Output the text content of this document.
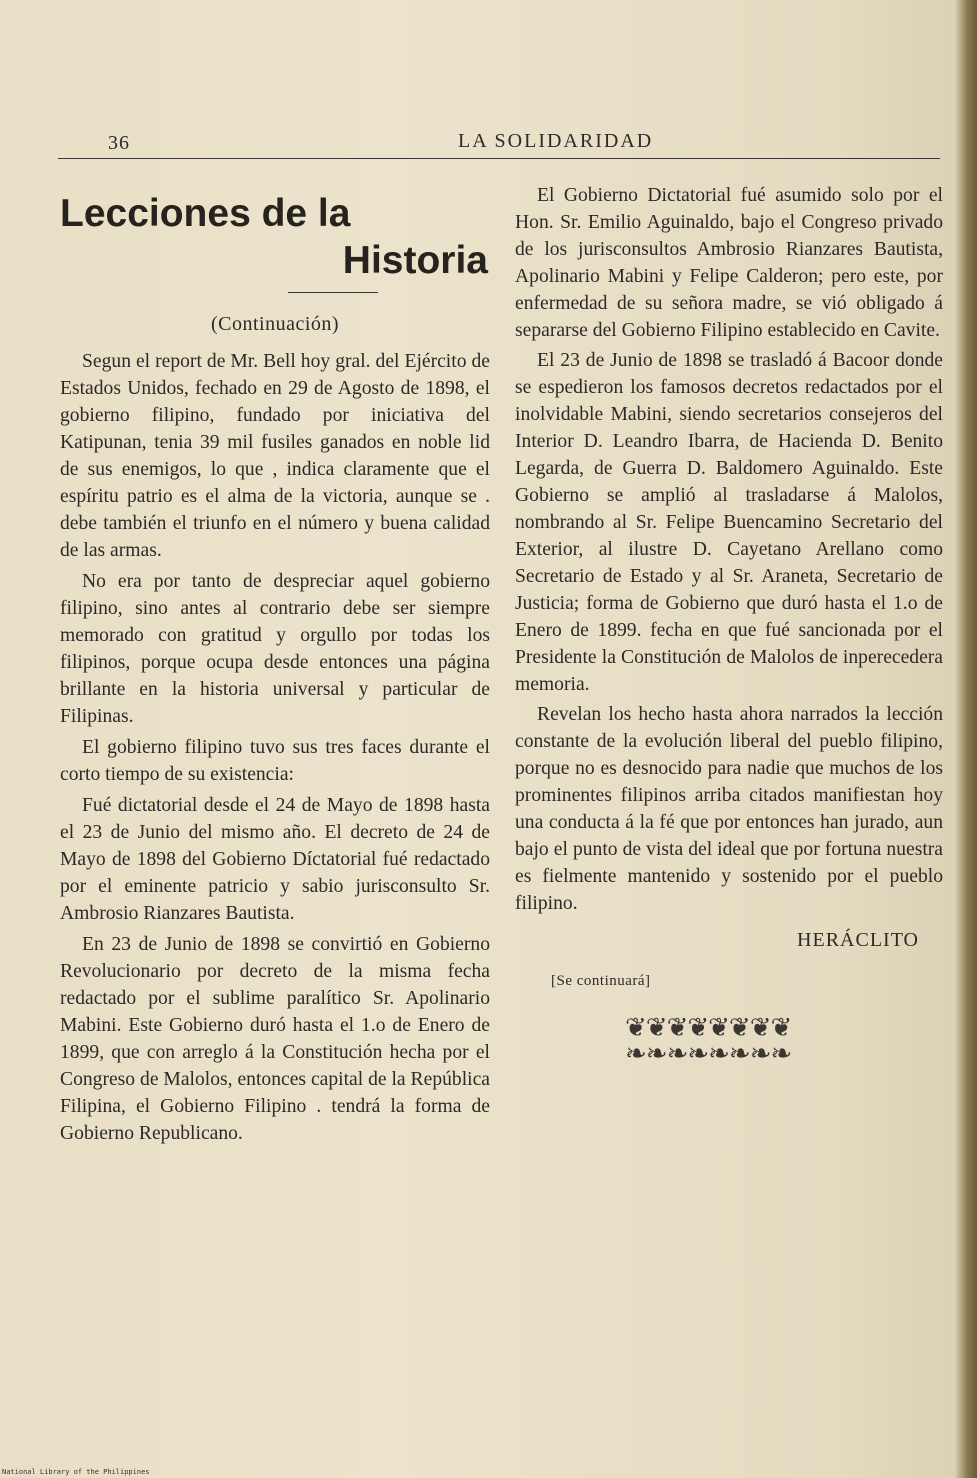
36	LA SOLIDARIDAD
Lecciones de la
Historia
(Continuación)

Segun el report de Mr. Bell hoy gral. del Ejército de Estados Unidos, fechado en 29 de Agosto de 1898, el gobierno filipino, fundado por iniciativa del Katipunan, tenia 39 mil fusiles ganados en noble lid de sus enemigos, lo que , indica claramente que el espíritu patrio es el alma de la victoria, aunque se . debe también el triunfo en el número y buena calidad de las armas.

No era por tanto de despreciar aquel gobierno filipino, sino antes al contrario debe ser siempre memorado con gratitud y orgullo por todas los filipinos, porque ocupa desde entonces una página brillante en la historia universal y particular de Filipinas.

El gobierno filipino tuvo sus tres faces durante el corto tiempo de su existencia:

Fué dictatorial desde el 24 de Mayo de 1898 hasta el 23 de Junio del mismo año. El decreto de 24 de Mayo de 1898 del Gobierno Díctatorial fué redactado por el eminente patricio y sabio jurisconsulto Sr. Ambrosio Rianzares Bautista.

En 23 de Junio de 1898 se convirtió en Gobierno Revolucionario por decreto de la misma fecha redactado por el sublime paralítico Sr. Apolinario Mabini. Este Gobierno duró hasta el 1.o de Enero de 1899, que con arreglo á la Constitución hecha por el Congreso de Malolos, entonces capital de la República Filipina, el Gobierno Filipino . tendrá la forma de Gobierno Republicano.

El Gobierno Dictatorial fué asumido solo por el Hon. Sr. Emilio Aguinaldo, bajo el Congreso privado de los jurisconsultos Ambrosio Rianzares Bautista, Apolinario Mabini y Felipe Calderon; pero este, por enfermedad de su señora madre, se vió obligado á separarse del Gobierno Filipino establecido en Cavite.

El 23 de Junio de 1898 se trasladó á Bacoor donde se espedieron los famosos decretos redactados por el inolvidable Mabini, siendo secretarios consejeros del Interior D. Leandro Ibarra, de Hacienda D. Benito Legarda, de Guerra D. Baldomero Aguinaldo. Este Gobierno se amplió al trasladarse á Malolos, nombrando al Sr. Felipe Buencamino Secretario del Exterior, al ilustre D. Cayetano Arellano como Secretario de Estado y al Sr. Araneta, Secretario de Justicia; forma de Gobierno que duró hasta el 1.o de Enero de 1899. fecha en que fué sancionada por el Presidente la Constitución de Malolos de inperecedera memoria.

Revelan los hecho hasta ahora narrados la lección constante de la evolución liberal del pueblo filipino, porque no es desnocido para nadie que muchos de los prominentes filipinos arriba citados manifiestan hoy una conducta á la fé que por entonces han jurado, aun bajo el punto de vista del ideal que por fortuna nuestra es fielmente mantenido y sostenido por el pueblo filipino.

HERÁCLITO
[Se continuará]
❦❦❦❦❦❦❦❦
❧❧❧❧❧❧❧❧
National Library of the Philippines
